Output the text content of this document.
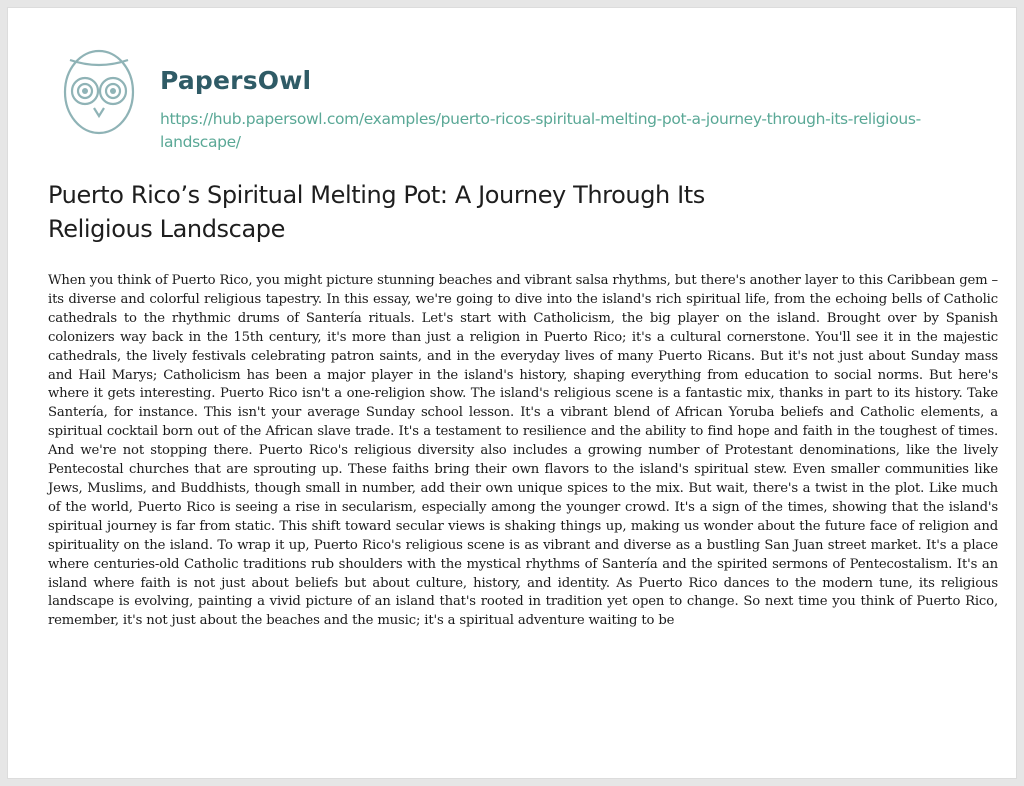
PapersOwl
https://hub.papersowl.com/examples/puerto-ricos-spiritual-melting-pot-a-journey-through-its-religious-landscape/
Puerto Rico’s Spiritual Melting Pot: A Journey Through Its Religious Landscape

When you think of Puerto Rico, you might picture stunning beaches and vibrant salsa rhythms, but there's another layer to this Caribbean gem – its diverse and colorful religious tapestry. In this essay, we're going to dive into the island's rich spiritual life, from the echoing bells of Catholic cathedrals to the rhythmic drums of Santería rituals. Let's start with Catholicism, the big player on the island. Brought over by Spanish colonizers way back in the 15th century, it's more than just a religion in Puerto Rico; it's a cultural cornerstone. You'll see it in the majestic cathedrals, the lively festivals celebrating patron saints, and in the everyday lives of many Puerto Ricans. But it's not just about Sunday mass and Hail Marys; Catholicism has been a major player in the island's history, shaping everything from education to social norms. But here's where it gets interesting. Puerto Rico isn't a one-religion show. The island's religious scene is a fantastic mix, thanks in part to its history. Take Santería, for instance. This isn't your average Sunday school lesson. It's a vibrant blend of African Yoruba beliefs and Catholic elements, a spiritual cocktail born out of the African slave trade. It's a testament to resilience and the ability to find hope and faith in the toughest of times. And we're not stopping there. Puerto Rico's religious diversity also includes a growing number of Protestant denominations, like the lively Pentecostal churches that are sprouting up. These faiths bring their own flavors to the island's spiritual stew. Even smaller communities like Jews, Muslims, and Buddhists, though small in number, add their own unique spices to the mix. But wait, there's a twist in the plot. Like much of the world, Puerto Rico is seeing a rise in secularism, especially among the younger crowd. It's a sign of the times, showing that the island's spiritual journey is far from static. This shift toward secular views is shaking things up, making us wonder about the future face of religion and spirituality on the island. To wrap it up, Puerto Rico's religious scene is as vibrant and diverse as a bustling San Juan street market. It's a place where centuries-old Catholic traditions rub shoulders with the mystical rhythms of Santería and the spirited sermons of Pentecostalism. It's an island where faith is not just about beliefs but about culture, history, and identity. As Puerto Rico dances to the modern tune, its religious landscape is evolving, painting a vivid picture of an island that's rooted in tradition yet open to change. So next time you think of Puerto Rico, remember, it's not just about the beaches and the music; it's a spiritual adventure waiting to be
